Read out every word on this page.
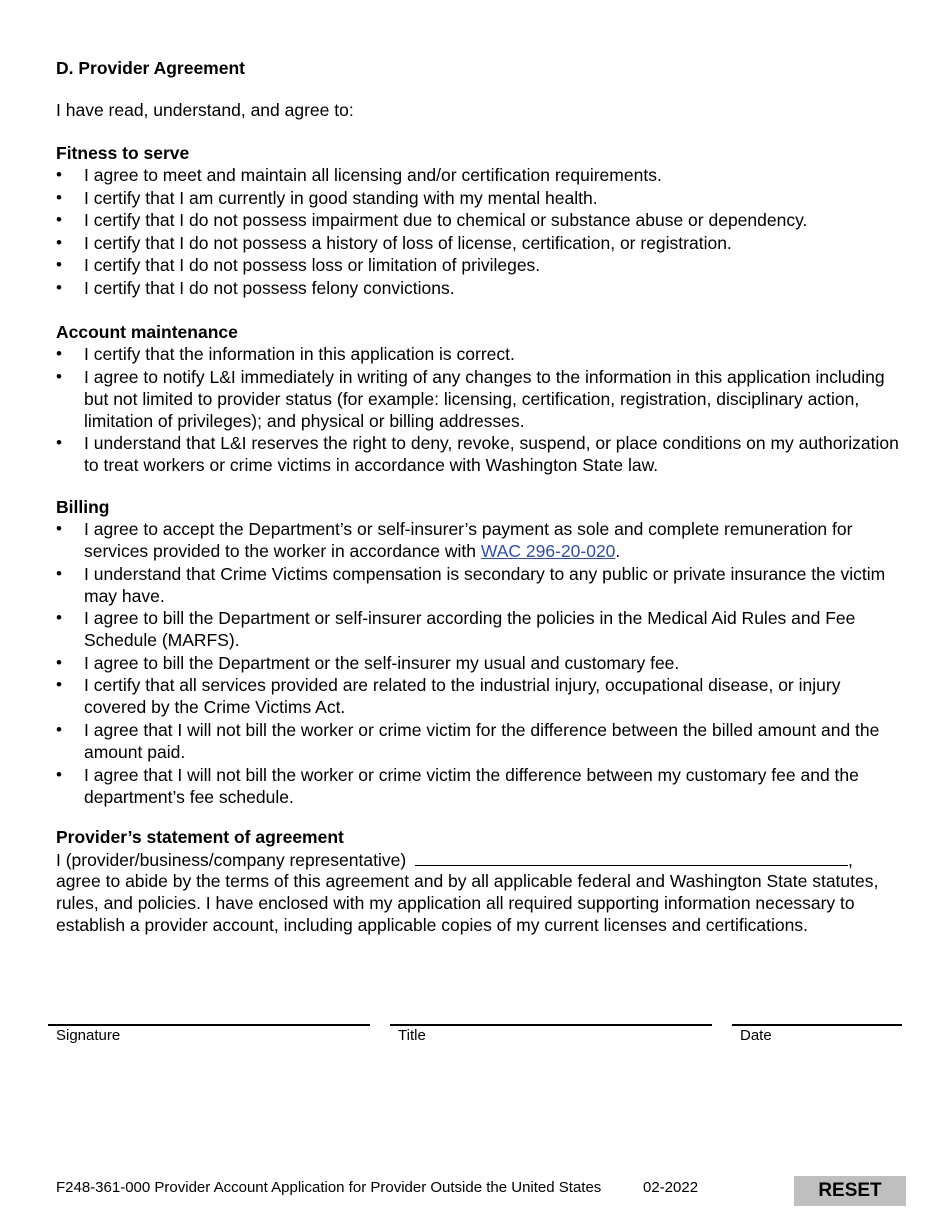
D. Provider Agreement
I have read, understand, and agree to:
Fitness to serve
• I agree to meet and maintain all licensing and/or certification requirements.
• I certify that I am currently in good standing with my mental health.
• I certify that I do not possess impairment due to chemical or substance abuse or dependency.
• I certify that I do not possess a history of loss of license, certification, or registration.
• I certify that I do not possess loss or limitation of privileges.
• I certify that I do not possess felony convictions.
Account maintenance
• I certify that the information in this application is correct.
• I agree to notify L&I immediately in writing of any changes to the information in this application including but not limited to provider status (for example: licensing, certification, registration, disciplinary action, limitation of privileges); and physical or billing addresses.
• I understand that L&I reserves the right to deny, revoke, suspend, or place conditions on my authorization to treat workers or crime victims in accordance with Washington State law.
Billing
• I agree to accept the Department’s or self-insurer’s payment as sole and complete remuneration for services provided to the worker in accordance with WAC 296-20-020.
• I understand that Crime Victims compensation is secondary to any public or private insurance the victim may have.
• I agree to bill the Department or self-insurer according the policies in the Medical Aid Rules and Fee Schedule (MARFS).
• I agree to bill the Department or the self-insurer my usual and customary fee.
• I certify that all services provided are related to the industrial injury, occupational disease, or injury covered by the Crime Victims Act.
• I agree that I will not bill the worker or crime victim for the difference between the billed amount and the amount paid.
• I agree that I will not bill the worker or crime victim the difference between my customary fee and the department’s fee schedule.
Provider’s statement of agreement
I (provider/business/company representative)	,
agree to abide by the terms of this agreement and by all applicable federal and Washington State statutes, rules, and policies. I have enclosed with my application all required supporting information necessary to establish a provider account, including applicable copies of my current licenses and certifications.
Signature	Title	Date
F248-361-000 Provider Account Application for Provider Outside the United States	02-2022	RESET
